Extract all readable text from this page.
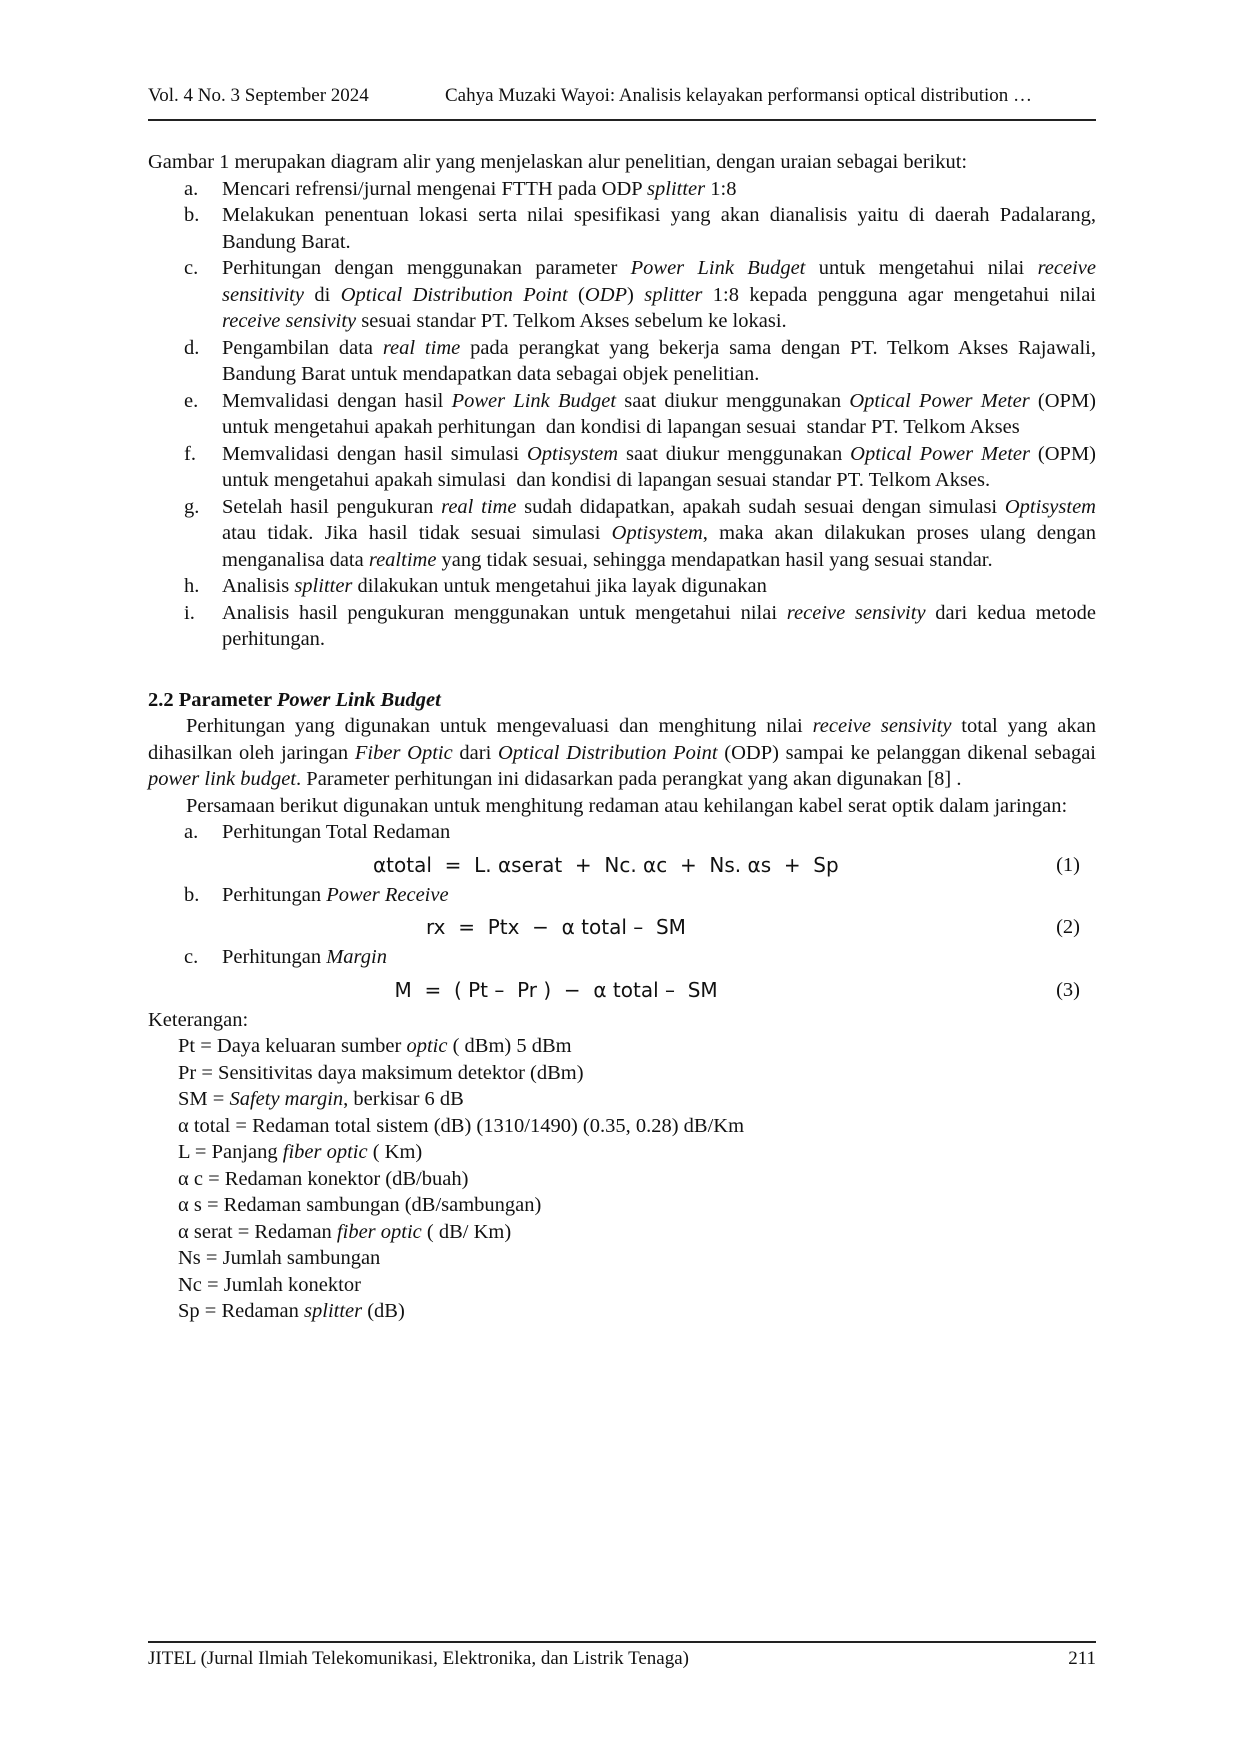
Vol. 4 No. 3 September 2024	Cahya Muzaki Wayoi: Analisis kelayakan performansi optical distribution …

Gambar 1 merupakan diagram alir yang menjelaskan alur penelitian, dengan uraian sebagai berikut:

a. Mencari refrensi/jurnal mengenai FTTH pada ODP splitter 1:8
b. Melakukan penentuan lokasi serta nilai spesifikasi yang akan dianalisis yaitu di daerah Padalarang, Bandung Barat.
c. Perhitungan dengan menggunakan parameter Power Link Budget untuk mengetahui nilai receive sensitivity di Optical Distribution Point (ODP) splitter 1:8 kepada pengguna agar mengetahui nilai receive sensivity sesuai standar PT. Telkom Akses sebelum ke lokasi.
d. Pengambilan data real time pada perangkat yang bekerja sama dengan PT. Telkom Akses Rajawali, Bandung Barat untuk mendapatkan data sebagai objek penelitian.
e. Memvalidasi dengan hasil Power Link Budget saat diukur menggunakan Optical Power Meter (OPM) untuk mengetahui apakah perhitungan  dan kondisi di lapangan sesuai  standar PT. Telkom Akses
f. Memvalidasi dengan hasil simulasi Optisystem saat diukur menggunakan Optical Power Meter (OPM) untuk mengetahui apakah simulasi  dan kondisi di lapangan sesuai standar PT. Telkom Akses.
g. Setelah hasil pengukuran real time sudah didapatkan, apakah sudah sesuai dengan simulasi Optisystem atau tidak. Jika hasil tidak sesuai simulasi Optisystem, maka akan dilakukan proses ulang dengan menganalisa data realtime yang tidak sesuai, sehingga mendapatkan hasil yang sesuai standar.
h. Analisis splitter dilakukan untuk mengetahui jika layak digunakan
i. Analisis hasil pengukuran menggunakan untuk mengetahui nilai receive sensivity dari kedua metode perhitungan.
2.2 Parameter Power Link Budget

Perhitungan yang digunakan untuk mengevaluasi dan menghitung nilai receive sensivity total yang akan dihasilkan oleh jaringan Fiber Optic dari Optical Distribution Point (ODP) sampai ke pelanggan dikenal sebagai power link budget. Parameter perhitungan ini didasarkan pada perangkat yang akan digunakan [8] .

Persamaan berikut digunakan untuk menghitung redaman atau kehilangan kabel serat optik dalam jaringan:

a. Perhitungan Total Redaman
αtotal  =  L. αserat  +  Nc. αc  +  Ns. αs  +  Sp	(1)
b. Perhitungan Power Receive
rx  =  Ptx  −  α total –  SM	(2)
c. Perhitungan Margin
M  =  ( Pt –  Pr )  −  α total –  SM	(3)

Keterangan:

Pt = Daya keluaran sumber optic ( dBm) 5 dBm
Pr = Sensitivitas daya maksimum detektor (dBm)
SM = Safety margin, berkisar 6 dB
α total = Redaman total sistem (dB) (1310/1490) (0.35, 0.28) dB/Km
L = Panjang fiber optic ( Km)
α c = Redaman konektor (dB/buah)
α s = Redaman sambungan (dB/sambungan)
α serat = Redaman fiber optic ( dB/ Km)
Ns = Jumlah sambungan
Nc = Jumlah konektor
Sp = Redaman splitter (dB)
JITEL (Jurnal Ilmiah Telekomunikasi, Elektronika, dan Listrik Tenaga)	211
